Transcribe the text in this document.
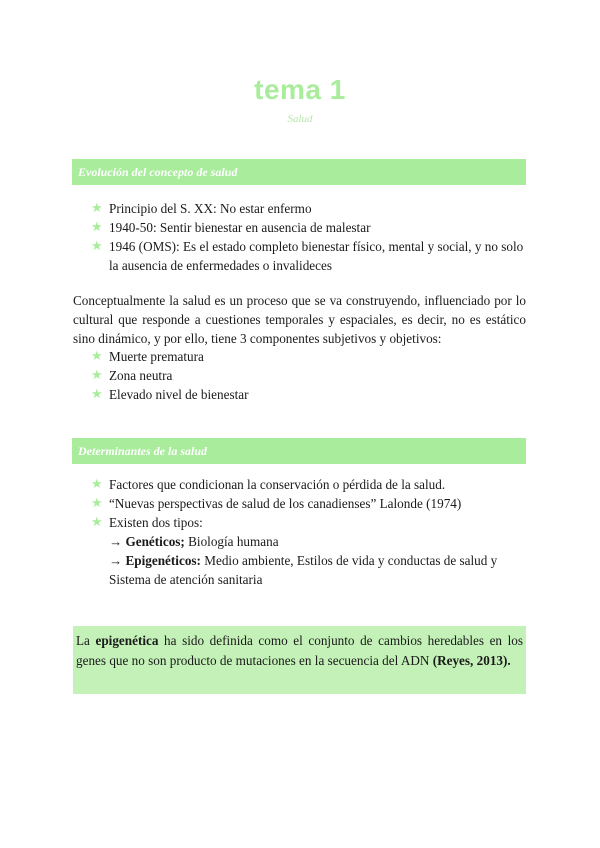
tema 1
Salud
Evolución del concepto de salud
★ Principio del S. XX: No estar enfermo
★ 1940-50: Sentir bienestar en ausencia de malestar
★ 1946 (OMS): Es el estado completo bienestar físico, mental y social, y no solo la ausencia de enfermedades o invalideces

Conceptualmente la salud es un proceso que se va construyendo, influenciado por lo cultural que responde a cuestiones temporales y espaciales, es decir, no es estático sino dinámico, y por ello, tiene 3 componentes subjetivos y objetivos:

★ Muerte prematura
★ Zona neutra
★ Elevado nivel de bienestar
Determinantes de la salud
★ Factores que condicionan la conservación o pérdida de la salud.
★ “Nuevas perspectivas de salud de los canadienses” Lalonde (1974)
★ Existen dos tipos:
→ Genéticos; Biología humana
→ Epigenéticos: Medio ambiente, Estilos de vida y conductas de salud y Sistema de atención sanitaria
La epigenética ha sido definida como el conjunto de cambios heredables en los genes que no son producto de mutaciones en la secuencia del ADN (Reyes, 2013).
